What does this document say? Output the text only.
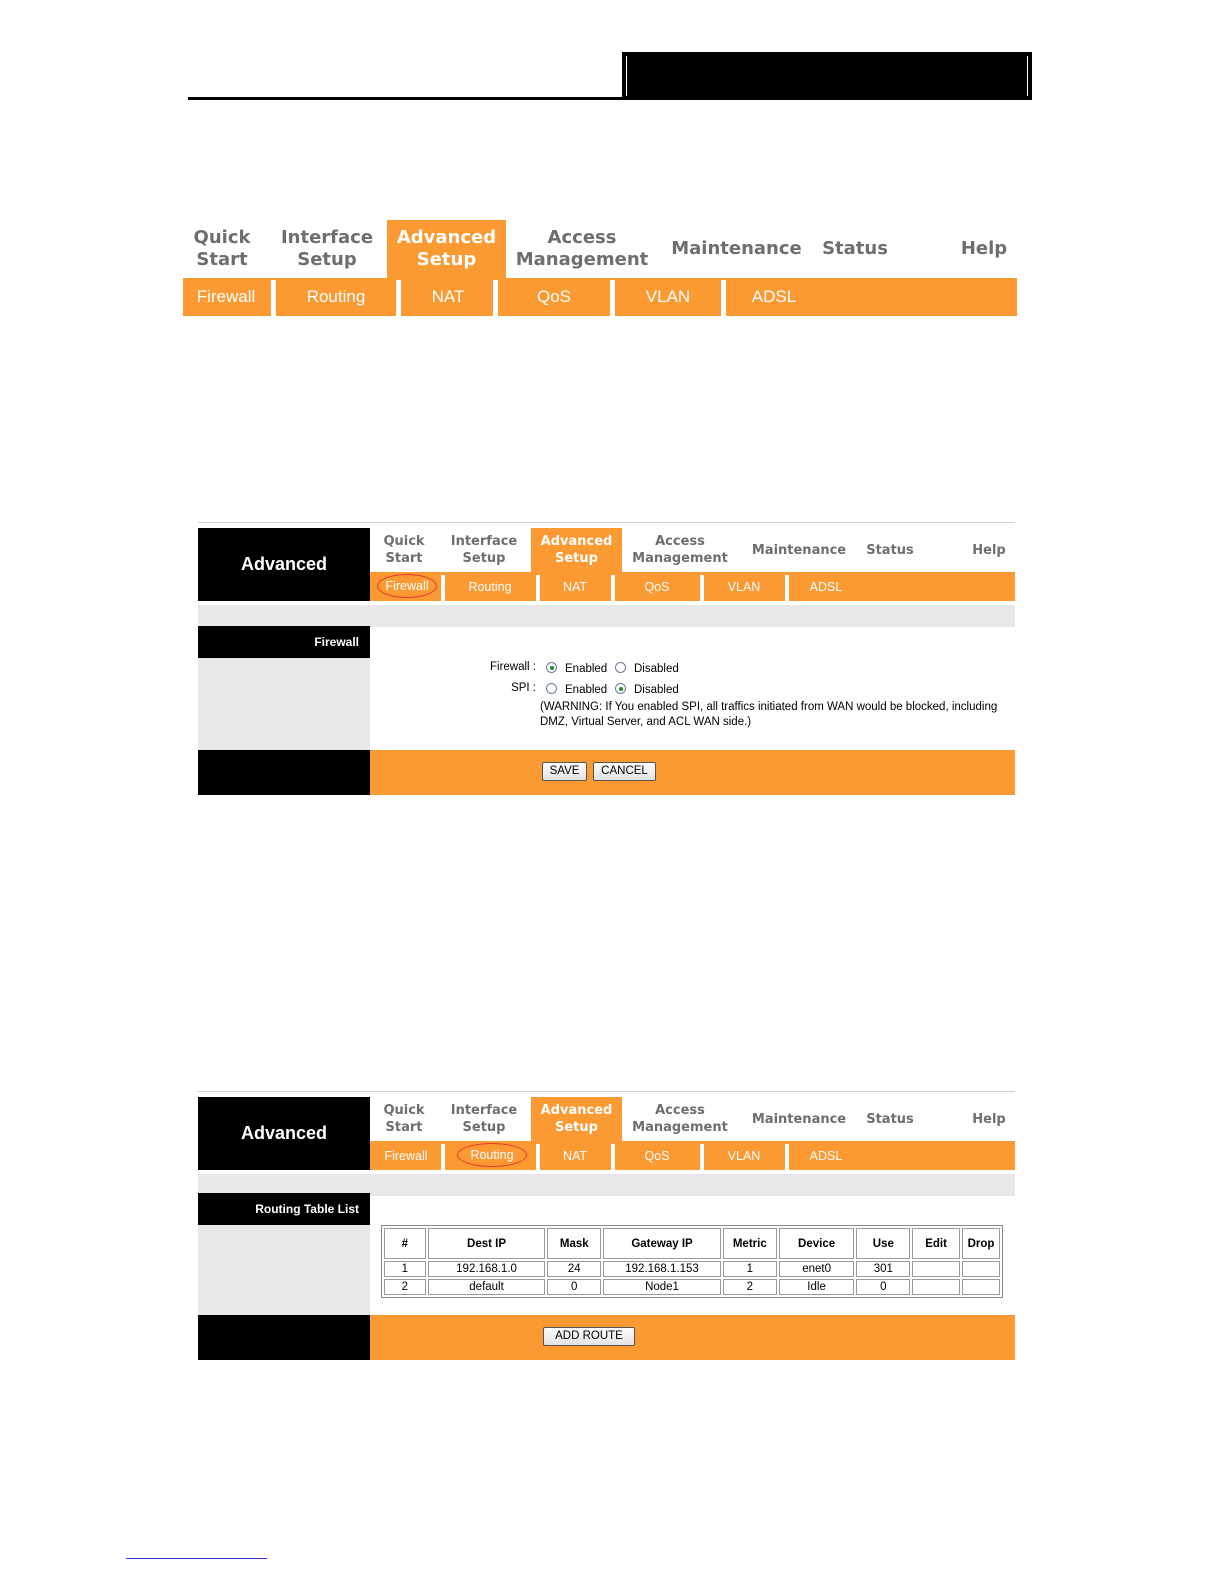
Quick
Start
Interface
Setup
Advanced
Setup
Access
Management
Maintenance	Status	Help
Firewall	Routing	NAT	QoS	VLAN	ADSL
Advanced
Quick
Start
Interface
Setup
Advanced
Setup
Access
Management
Maintenance	Status	Help
Firewall	Routing	NAT	QoS	VLAN	ADSL
Firewall
Firewall :	Enabled Disabled
SPI :	Enabled Disabled
(WARNING: If You enabled SPI, all traffics initiated from WAN would be blocked, including
DMZ, Virtual Server, and ACL WAN side.)
SAVE	CANCEL
Advanced
Quick
Start
Interface
Setup
Advanced
Setup
Access
Management
Maintenance	Status	Help
Firewall	Routing	NAT	QoS	VLAN	ADSL
Routing Table List
#	Dest IP	Mask	Gateway IP	Metric	Device	Use	Edit	Drop
1	192.168.1.0	24	192.168.1.153	1	enet0	301		
2	default	0	Node1	2	Idle	0		
ADD ROUTE
